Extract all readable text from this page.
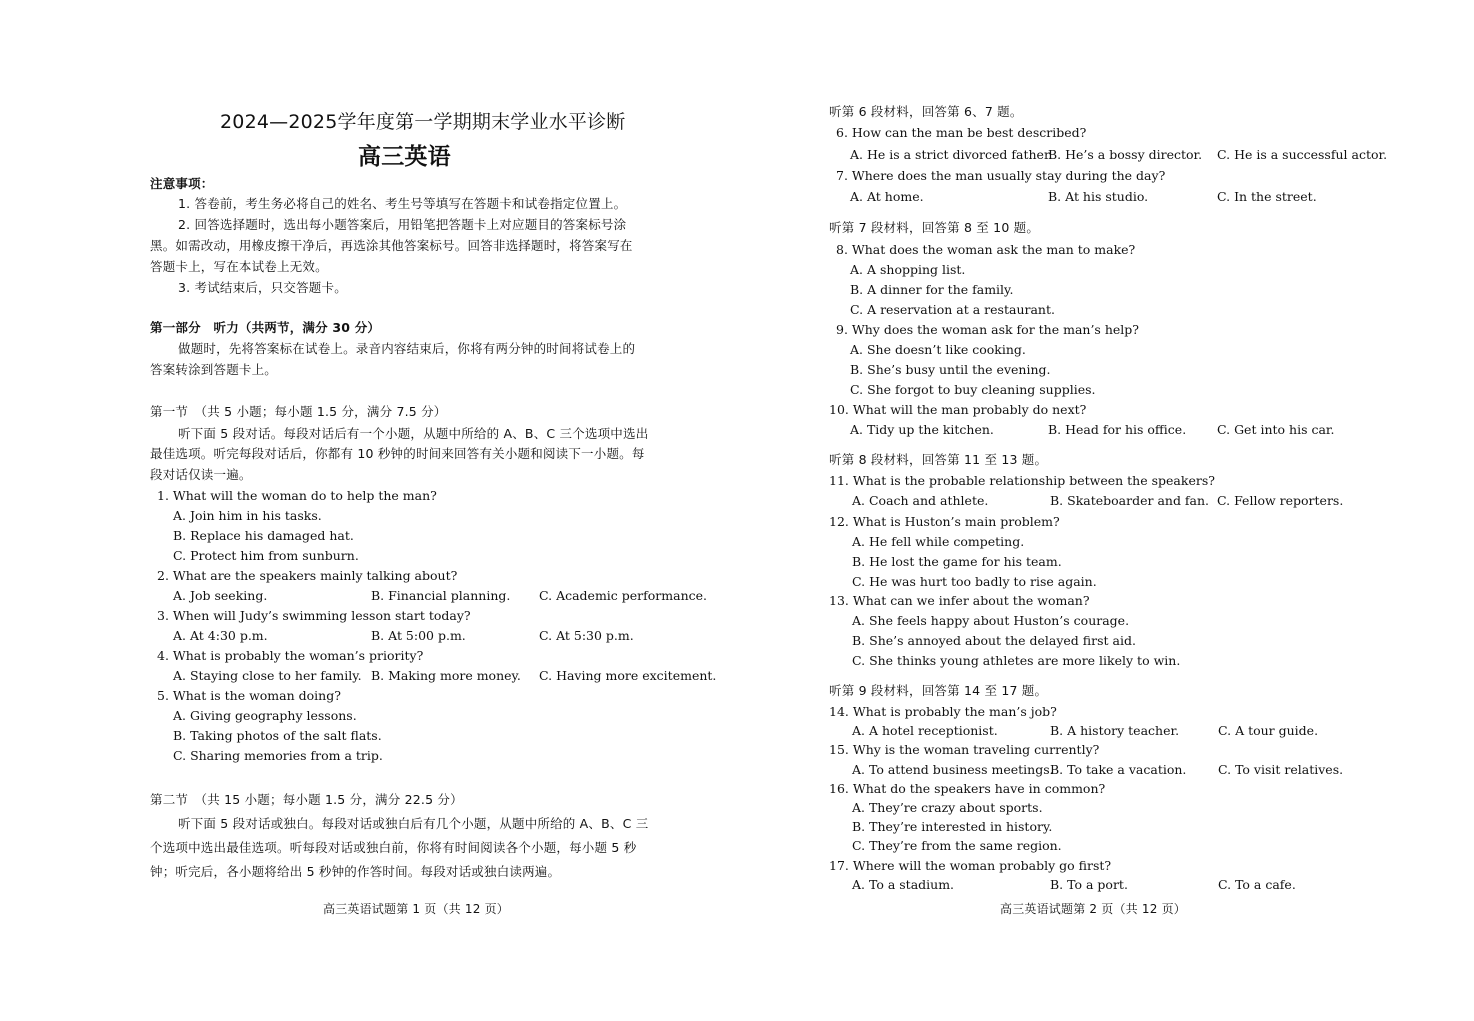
2024—2025学年度第一学期期末学业水平诊断
高三英语
注意事项：
1. 答卷前，考生务必将自己的姓名、考生号等填写在答题卡和试卷指定位置上。
2. 回答选择题时，选出每小题答案后，用铅笔把答题卡上对应题目的答案标号涂
黑。如需改动，用橡皮擦干净后，再选涂其他答案标号。回答非选择题时，将答案写在
答题卡上，写在本试卷上无效。
3. 考试结束后，只交答题卡。
第一部分　听力（共两节，满分 30 分）
做题时，先将答案标在试卷上。录音内容结束后，你将有两分钟的时间将试卷上的
答案转涂到答题卡上。
第一节　（共 5 小题；每小题 1.5 分，满分 7.5 分）
听下面 5 段对话。每段对话后有一个小题，从题中所给的 A、B、C 三个选项中选出
最佳选项。听完每段对话后，你都有 10 秒钟的时间来回答有关小题和阅读下一小题。每
段对话仅读一遍。
1. What will the woman do to help the man?
A. Join him in his tasks.
B. Replace his damaged hat.
C. Protect him from sunburn.
2. What are the speakers mainly talking about?
A. Job seeking.	B. Financial planning. C. Academic performance.
3. When will Judy’s swimming lesson start today?
A. At 4:30 p.m.	B. At 5:00 p.m.	C. At 5:30 p.m.
4. What is probably the woman’s priority?
A. Staying close to her family. B. Making more money. C. Having more excitement.
5. What is the woman doing?
A. Giving geography lessons.
B. Taking photos of the salt flats.
C. Sharing memories from a trip.
第二节　（共 15 小题；每小题 1.5 分，满分 22.5 分）
听下面 5 段对话或独白。每段对话或独白后有几个小题，从题中所给的 A、B、C 三
个选项中选出最佳选项。听每段对话或独白前，你将有时间阅读各个小题，每小题 5 秒
钟；听完后，各小题将给出 5 秒钟的作答时间。每段对话或独白读两遍。
高三英语试题第 1 页（共 12 页）
听第 6 段材料，回答第 6、7 题。
6. How can the man be best described?
A. He is a strict divorced father.
B. He’s a bossy director. C. He is a successful actor.
7. Where does the man usually stay during the day?
A. At home.	B. At his studio.	C. In the street.
听第 7 段材料，回答第 8 至 10 题。
8. What does the woman ask the man to make?
A. A shopping list.
B. A dinner for the family.
C. A reservation at a restaurant.
9. Why does the woman ask for the man’s help?
A. She doesn’t like cooking.
B. She’s busy until the evening.
C. She forgot to buy cleaning supplies.
10. What will the man probably do next?
A. Tidy up the kitchen.	B. Head for his office. C. Get into his car.
听第 8 段材料，回答第 11 至 13 题。
11. What is the probable relationship between the speakers?
A. Coach and athlete.	B. Skateboarder and fan. C. Fellow reporters.
12. What is Huston’s main problem?
A. He fell while competing.
B. He lost the game for his team.
C. He was hurt too badly to rise again.
13. What can we infer about the woman?
A. She feels happy about Huston’s courage.
B. She’s annoyed about the delayed first aid.
C. She thinks young athletes are more likely to win.
听第 9 段材料，回答第 14 至 17 题。
14. What is probably the man’s job?
A. A hotel receptionist.	B. A history teacher.	C. A tour guide.
15. Why is the woman traveling currently?
A. To attend business meetings.
B. To take a vacation.	C. To visit relatives.
16. What do the speakers have in common?
A. They’re crazy about sports.
B. They’re interested in history.
C. They’re from the same region.
17. Where will the woman probably go first?
A. To a stadium.	B. To a port.	C. To a cafe.
高三英语试题第 2 页（共 12 页）
